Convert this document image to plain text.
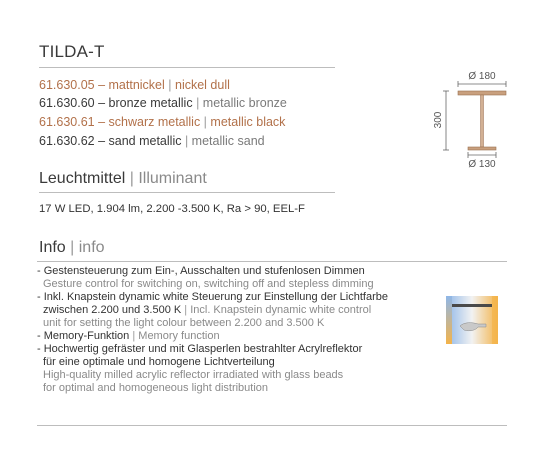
TILDA-T
61.630.05 – mattnickel | nickel dull
61.630.60 – bronze metallic | metallic bronze
61.630.61 – schwarz metallic | metallic black
61.630.62 – sand metallic | metallic sand
Ø 180
300
Ø 130
Leuchtmittel | Illuminant
17 W LED, 1.904 lm, 2.200 -3.500 K, Ra > 90, EEL-F
Info | info
- Gestensteuerung zum Ein-, Ausschalten und stufenlosen Dimmen
Gesture control for switching on, switching off and stepless dimming
- Inkl. Knapstein dynamic white Steuerung zur Einstellung der Lichtfarbe
zwischen 2.200 und 3.500 K | Incl. Knapstein dynamic white control
unit for setting the light colour between 2.200 and 3.500 K
- Memory-Funktion | Memory function
- Hochwertig gefräster und mit Glasperlen bestrahlter Acrylreflektor
für eine optimale und homogene Lichtverteilung
High-quality milled acrylic reflector irradiated with glass beads
for optimal and homogeneous light distribution
